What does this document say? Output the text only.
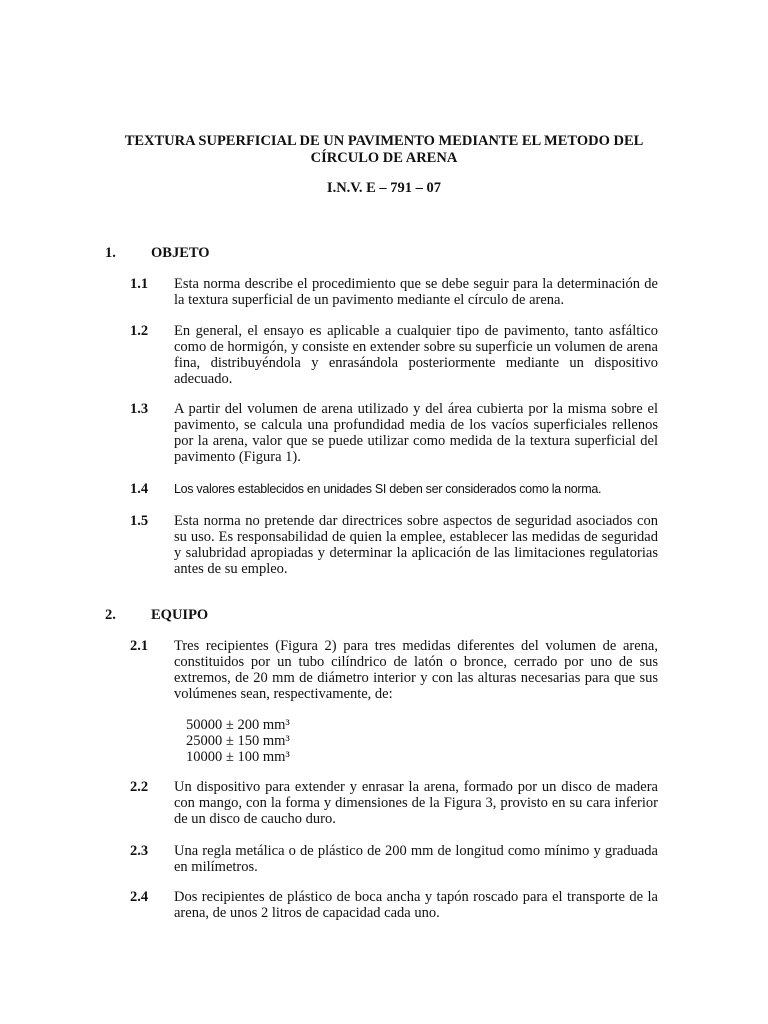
TEXTURA SUPERFICIAL DE UN PAVIMENTO MEDIANTE EL METODO DEL
CÍRCULO DE ARENA
I.N.V. E – 791 – 07
1. OBJETO
1.1 Esta norma describe el procedimiento que se debe seguir para la determinación de la textura superficial de un pavimento mediante el círculo de arena.
1.2 En general, el ensayo es aplicable a cualquier tipo de pavimento, tanto asfáltico como de hormigón, y consiste en extender sobre su superficie un volumen de arena fina, distribuyéndola y enrasándola posteriormente mediante un dispositivo adecuado.
1.3 A partir del volumen de arena utilizado y del área cubierta por la misma sobre el pavimento, se calcula una profundidad media de los vacíos superficiales rellenos por la arena, valor que se puede utilizar como medida de la textura superficial del pavimento (Figura 1).
1.4 Los valores establecidos en unidades SI deben ser considerados como la norma.
1.5 Esta norma no pretende dar directrices sobre aspectos de seguridad asociados con su uso. Es responsabilidad de quien la emplee, establecer las medidas de seguridad y salubridad apropiadas y determinar la aplicación de las limitaciones regulatorias antes de su empleo.
2. EQUIPO
2.1 Tres recipientes (Figura 2) para tres medidas diferentes del volumen de arena, constituidos por un tubo cilíndrico de latón o bronce, cerrado por uno de sus extremos, de 20 mm de diámetro interior y con las alturas necesarias para que sus volúmenes sean, respectivamente, de:
50000 ± 200 mm³
25000 ± 150 mm³
10000 ± 100 mm³
2.2 Un dispositivo para extender y enrasar la arena, formado por un disco de madera con mango, con la forma y dimensiones de la Figura 3, provisto en su cara inferior de un disco de caucho duro.
2.3 Una regla metálica o de plástico de 200 mm de longitud como mínimo y graduada en milímetros.
2.4 Dos recipientes de plástico de boca ancha y tapón roscado para el transporte de la arena, de unos 2 litros de capacidad cada uno.
